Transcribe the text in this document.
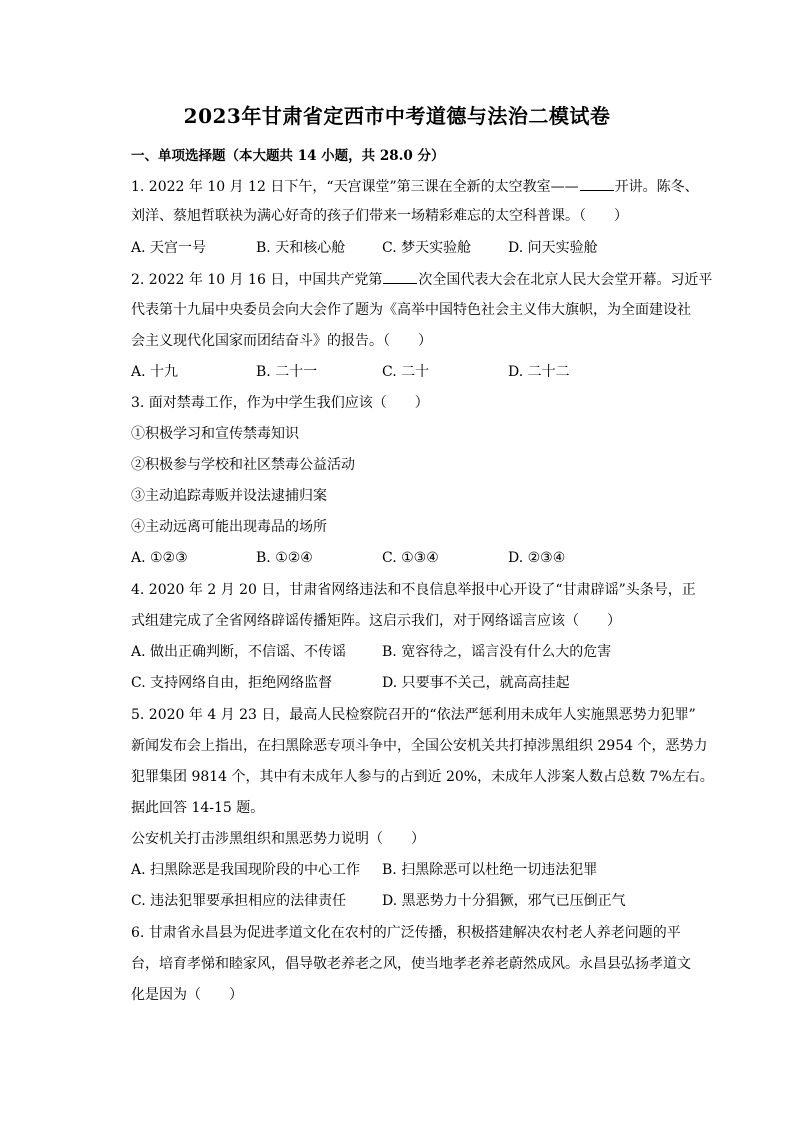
2023年甘肃省定西市中考道德与法治二模试卷
一、单项选择题（本大题共 14 小题，共 28.0 分）
1. 2022 年 10 月 12 日下午，“天宫课堂”第三课在全新的太空教室——	开讲。陈冬、
刘洋、蔡旭哲联袂为满心好奇的孩子们带来一场精彩难忘的太空科普课。（　　）
A. 天宫一号	B. 天和核心舱	C. 梦天实验舱	D. 问天实验舱
2. 2022 年 10 月 16 日，中国共产党第	次全国代表大会在北京人民大会堂开幕。习近平
代表第十九届中央委员会向大会作了题为《高举中国特色社会主义伟大旗帜，为全面建设社
会主义现代化国家而团结奋斗》的报告。（　　）
A. 十九	B. 二十一	C. 二十	D. 二十二
3. 面对禁毒工作，作为中学生我们应该（　　）
①积极学习和宣传禁毒知识
②积极参与学校和社区禁毒公益活动
③主动追踪毒贩并设法逮捕归案
④主动远离可能出现毒品的场所
A. ①②③	B. ①②④	C. ①③④	D. ②③④
4. 2020 年 2 月 20 日，甘肃省网络违法和不良信息举报中心开设了“甘肃辟谣”头条号，正
式组建完成了全省网络辟谣传播矩阵。这启示我们，对于网络谣言应该（　　）
A. 做出正确判断，不信谣、不传谣	B. 宽容待之，谣言没有什么大的危害
C. 支持网络自由，拒绝网络监督	D. 只要事不关己，就高高挂起
5. 2020 年 4 月 23 日，最高人民检察院召开的“依法严惩利用未成年人实施黑恶势力犯罪”
新闻发布会上指出，在扫黑除恶专项斗争中，全国公安机关共打掉涉黑组织 2954 个，恶势力
犯罪集团 9814 个，其中有未成年人参与的占到近 20%，未成年人涉案人数占总数 7%左右。
据此回答 14-15 题。
公安机关打击涉黑组织和黑恶势力说明（　　）
A. 扫黑除恶是我国现阶段的中心工作 B. 扫黑除恶可以杜绝一切违法犯罪
C. 违法犯罪要承担相应的法律责任	D. 黑恶势力十分猖獗，邪气已压倒正气
6. 甘肃省永昌县为促进孝道文化在农村的广泛传播，积极搭建解决农村老人养老问题的平
台，培育孝悌和睦家风，倡导敬老养老之风，使当地孝老养老蔚然成风。永昌县弘扬孝道文
化是因为（　　）
